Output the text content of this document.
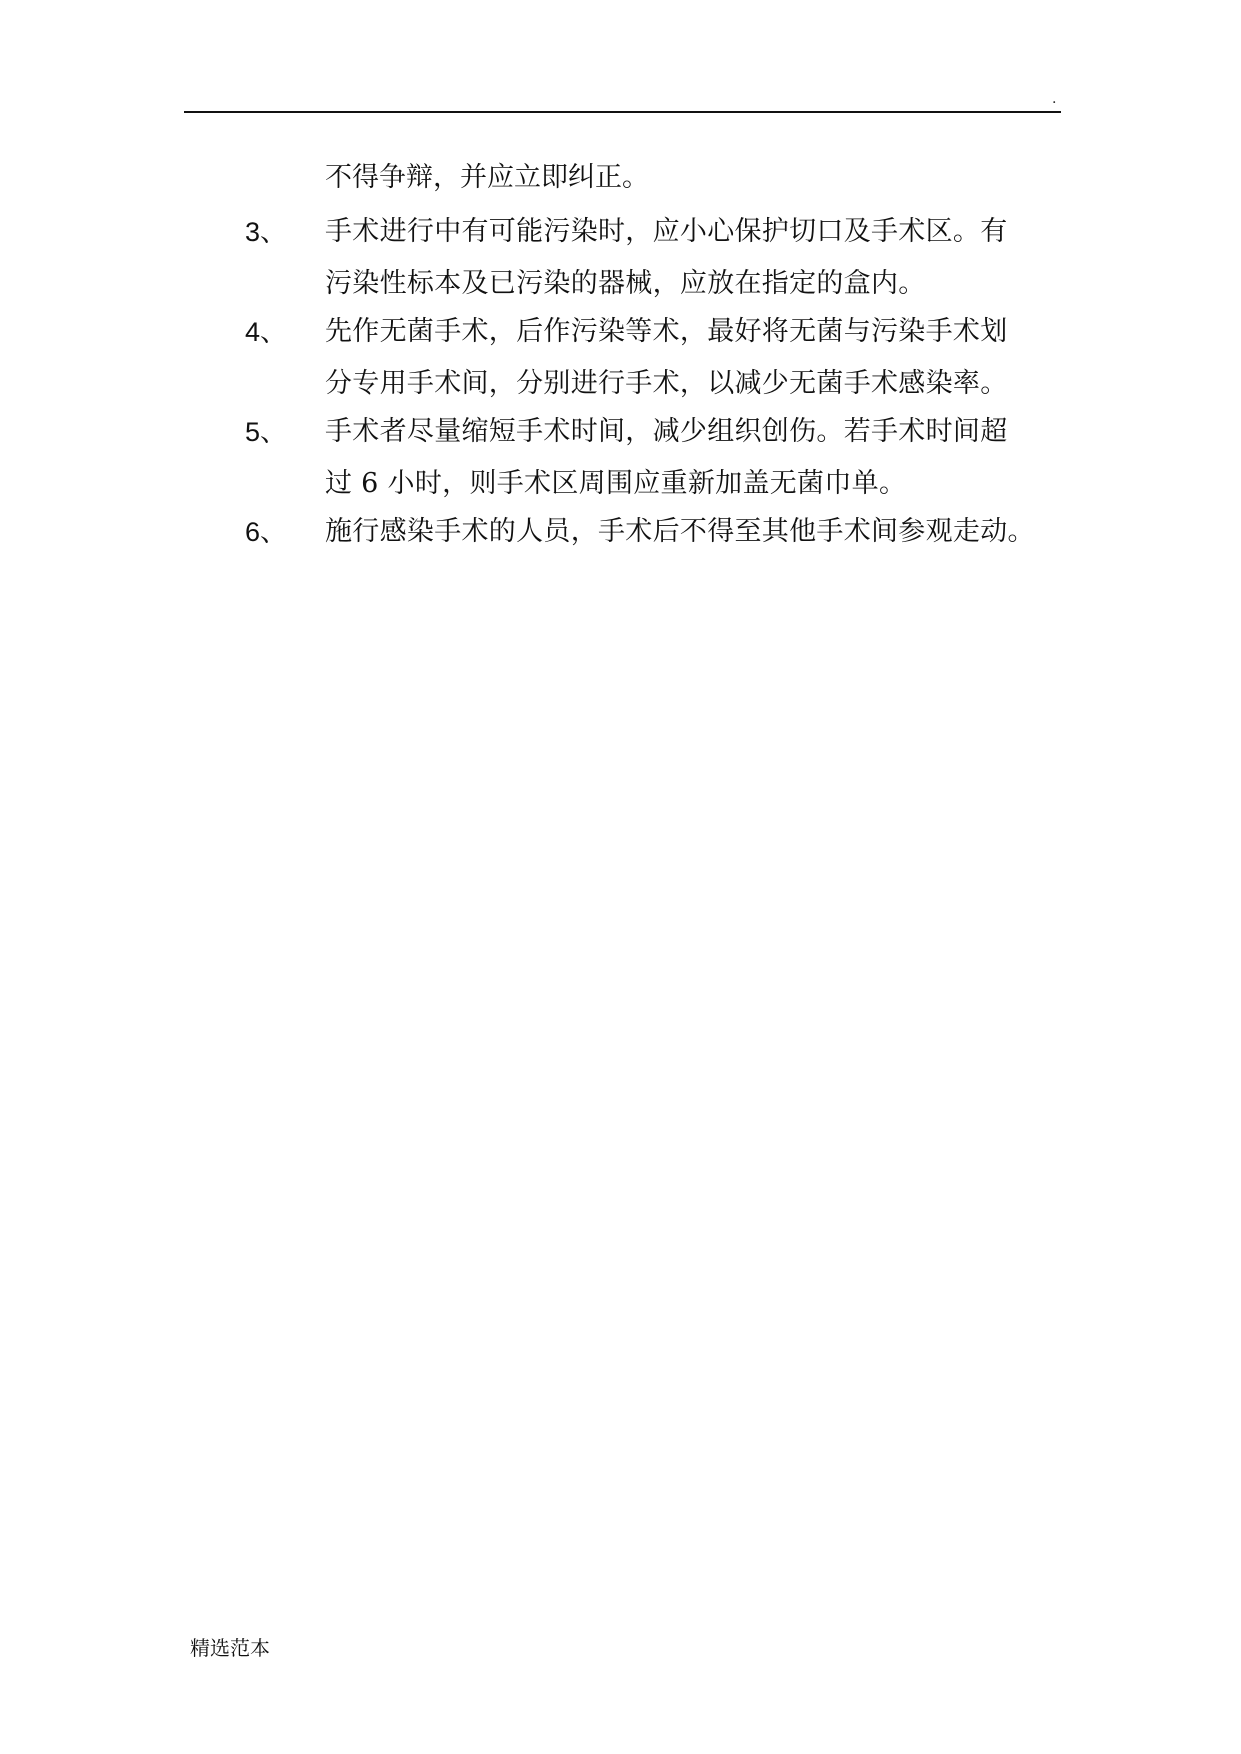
.
不得争辩，并应立即纠正。
3、 手术进行中有可能污染时，应小心保护切口及手术区。有
污染性标本及已污染的器械，应放在指定的盒内。
4、 先作无菌手术，后作污染等术，最好将无菌与污染手术划
分专用手术间，分别进行手术，以减少无菌手术感染率。
5、 手术者尽量缩短手术时间，减少组织创伤。若手术时间超
过 6 小时，则手术区周围应重新加盖无菌巾单。
6、 施行感染手术的人员，手术后不得至其他手术间参观走动。
精选范本
